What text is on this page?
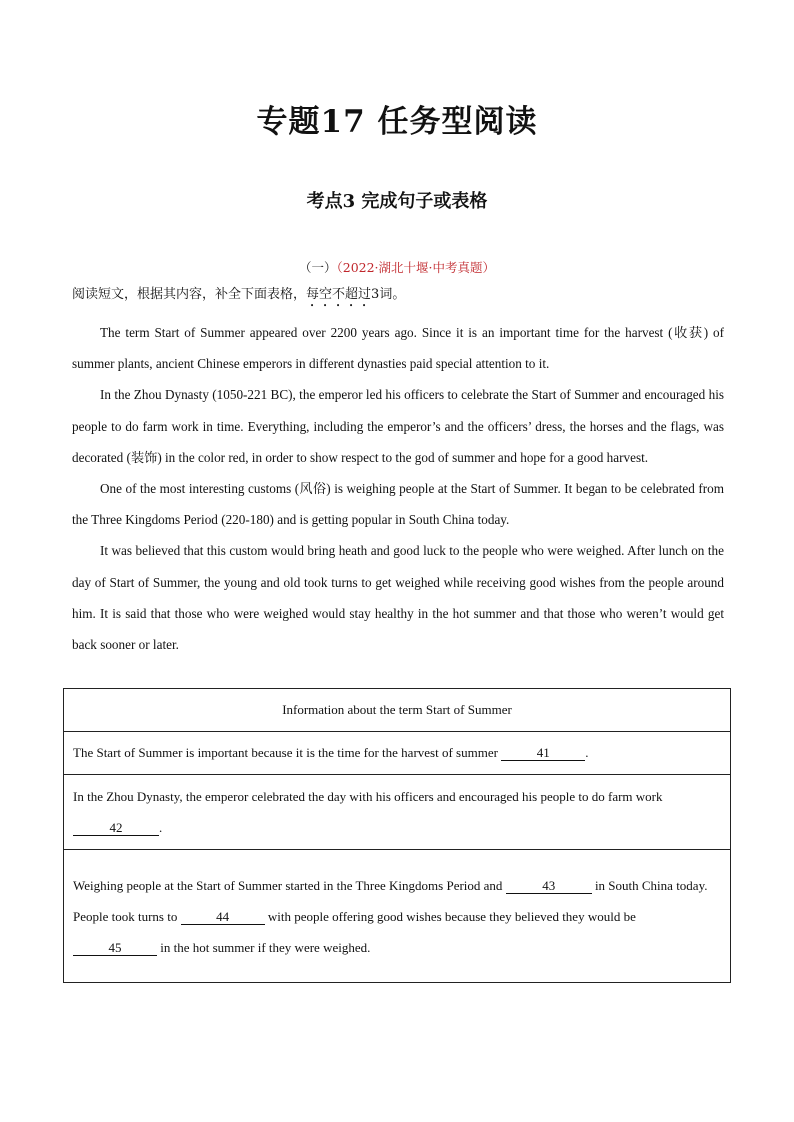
专题17 任务型阅读
考点3 完成句子或表格
（一）（2022·湖北十堰·中考真题）
阅读短文，根据其内容，补全下面表格，每空不超过3词。

The term Start of Summer appeared over 2200 years ago. Since it is an important time for the harvest (收获) of summer plants, ancient Chinese emperors in different dynasties paid special attention to it.

In the Zhou Dynasty (1050-221 BC), the emperor led his officers to celebrate the Start of Summer and encouraged his people to do farm work in time. Everything, including the emperor’s and the officers’ dress, the horses and the flags, was decorated (装饰) in the color red, in order to show respect to the god of summer and hope for a good harvest.

One of the most interesting customs (风俗) is weighing people at the Start of Summer. It began to be celebrated from the Three Kingdoms Period (220-180) and is getting popular in South China today.

It was believed that this custom would bring heath and good luck to the people who were weighed. After lunch on the day of Start of Summer, the young and old took turns to get weighed while receiving good wishes from the people around him. It is said that those who were weighed would stay healthy in the hot summer and that those who weren’t would get back sooner or later.

Information about the term Start of Summer
The Start of Summer is important because it is the time for the harvest of summer	41	.
In the Zhou Dynasty, the emperor celebrated the day with his officers and encouraged his people to do farm work 42	.

Weighing people at the Start of Summer started in the Three Kingdoms Period and	43	in South China today.
People took turns to	44	with people offering good wishes because they believed they would be 45	in the hot summer if they were weighed.
